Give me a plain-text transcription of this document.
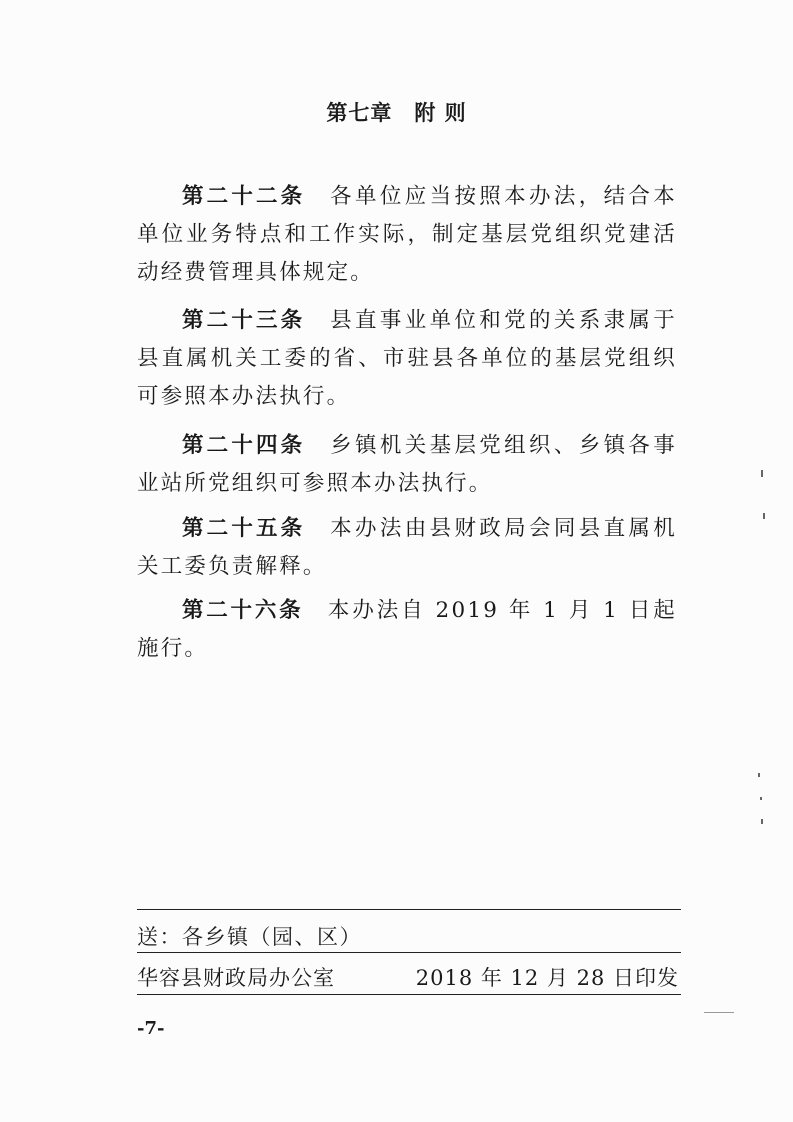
第七章　附 则

第二十二条　 各单位应当按照本办法，结合本单位业务特点和工作实际，制定基层党组织党建活动经费管理具体规定。

第二十三条　 县直事业单位和党的关系隶属于县直属机关工委的省、市驻县各单位的基层党组织可参照本办法执行。

第二十四条　 乡镇机关基层党组织、乡镇各事业站所党组织可参照本办法执行。

第二十五条　 本办法由县财政局会同县直属机关工委负责解释。

第二十六条　 本办法自 2019 年 1 月 1 日起施行。

送：各乡镇（园、区）
华容县财政局办公室	2018 年 12 月 28 日印发
-7-
